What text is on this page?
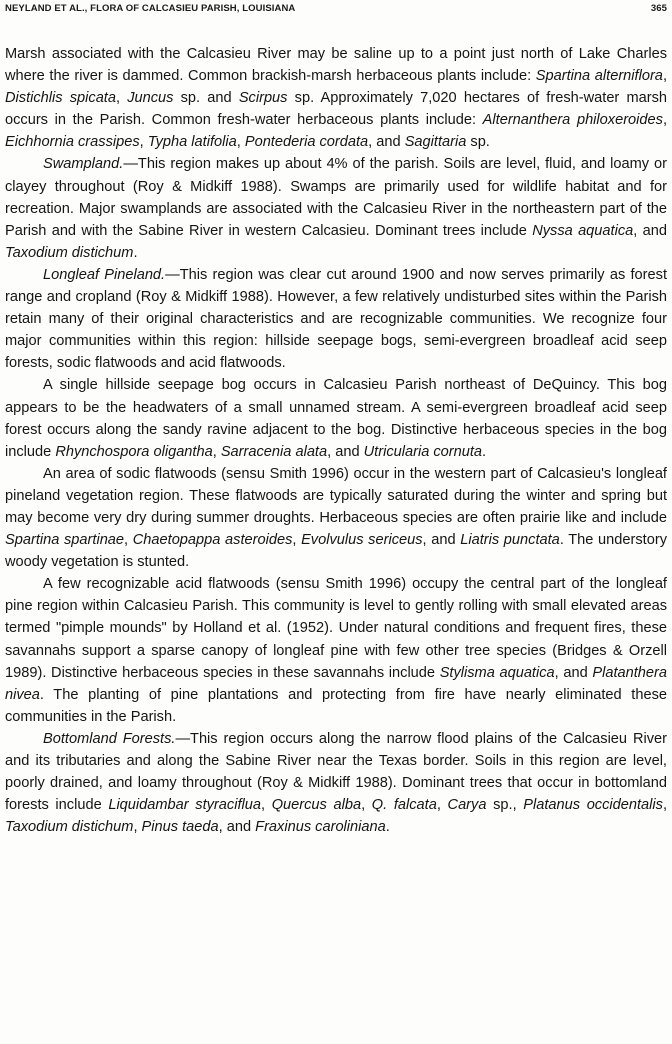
NEYLAND ET AL., FLORA OF CALCASIEU PARISH, LOUISIANA	365

Marsh associated with the Calcasieu River may be saline up to a point just north of Lake Charles where the river is dammed. Common brackish-marsh herbaceous plants include: Spartina alterniflora, Distichlis spicata, Juncus sp. and Scirpus sp. Approximately 7,020 hectares of fresh-water marsh occurs in the Parish. Common fresh-water herbaceous plants include: Alternanthera philoxeroides, Eichhornia crassipes, Typha latifolia, Pontederia cordata, and Sagittaria sp.

Swampland.—This region makes up about 4% of the parish. Soils are level, fluid, and loamy or clayey throughout (Roy & Midkiff 1988). Swamps are primarily used for wildlife habitat and for recreation. Major swamplands are associated with the Calcasieu River in the northeastern part of the Parish and with the Sabine River in western Calcasieu. Dominant trees include Nyssa aquatica, and Taxodium distichum.

Longleaf Pineland.—This region was clear cut around 1900 and now serves primarily as forest range and cropland (Roy & Midkiff 1988). However, a few relatively undisturbed sites within the Parish retain many of their original characteristics and are recognizable communities. We recognize four major communities within this region: hillside seepage bogs, semi-evergreen broadleaf acid seep forests, sodic flatwoods and acid flatwoods.

A single hillside seepage bog occurs in Calcasieu Parish northeast of DeQuincy. This bog appears to be the headwaters of a small unnamed stream. A semi-evergreen broadleaf acid seep forest occurs along the sandy ravine adjacent to the bog. Distinctive herbaceous species in the bog include Rhynchospora oligantha, Sarracenia alata, and Utricularia cornuta.

An area of sodic flatwoods (sensu Smith 1996) occur in the western part of Calcasieu's longleaf pineland vegetation region. These flatwoods are typically saturated during the winter and spring but may become very dry during summer droughts. Herbaceous species are often prairie like and include Spartina spartinae, Chaetopappa asteroides, Evolvulus sericeus, and Liatris punctata. The understory woody vegetation is stunted.

A few recognizable acid flatwoods (sensu Smith 1996) occupy the central part of the longleaf pine region within Calcasieu Parish. This community is level to gently rolling with small elevated areas termed "pimple mounds" by Holland et al. (1952). Under natural conditions and frequent fires, these savannahs support a sparse canopy of longleaf pine with few other tree species (Bridges & Orzell 1989). Distinctive herbaceous species in these savannahs include Stylisma aquatica, and Platanthera nivea. The planting of pine plantations and protecting from fire have nearly eliminated these communities in the Parish.

Bottomland Forests.—This region occurs along the narrow flood plains of the Calcasieu River and its tributaries and along the Sabine River near the Texas border. Soils in this region are level, poorly drained, and loamy throughout (Roy & Midkiff 1988). Dominant trees that occur in bottomland forests include Liquidambar styraciflua, Quercus alba, Q. falcata, Carya sp., Platanus occidentalis, Taxodium distichum, Pinus taeda, and Fraxinus caroliniana.
